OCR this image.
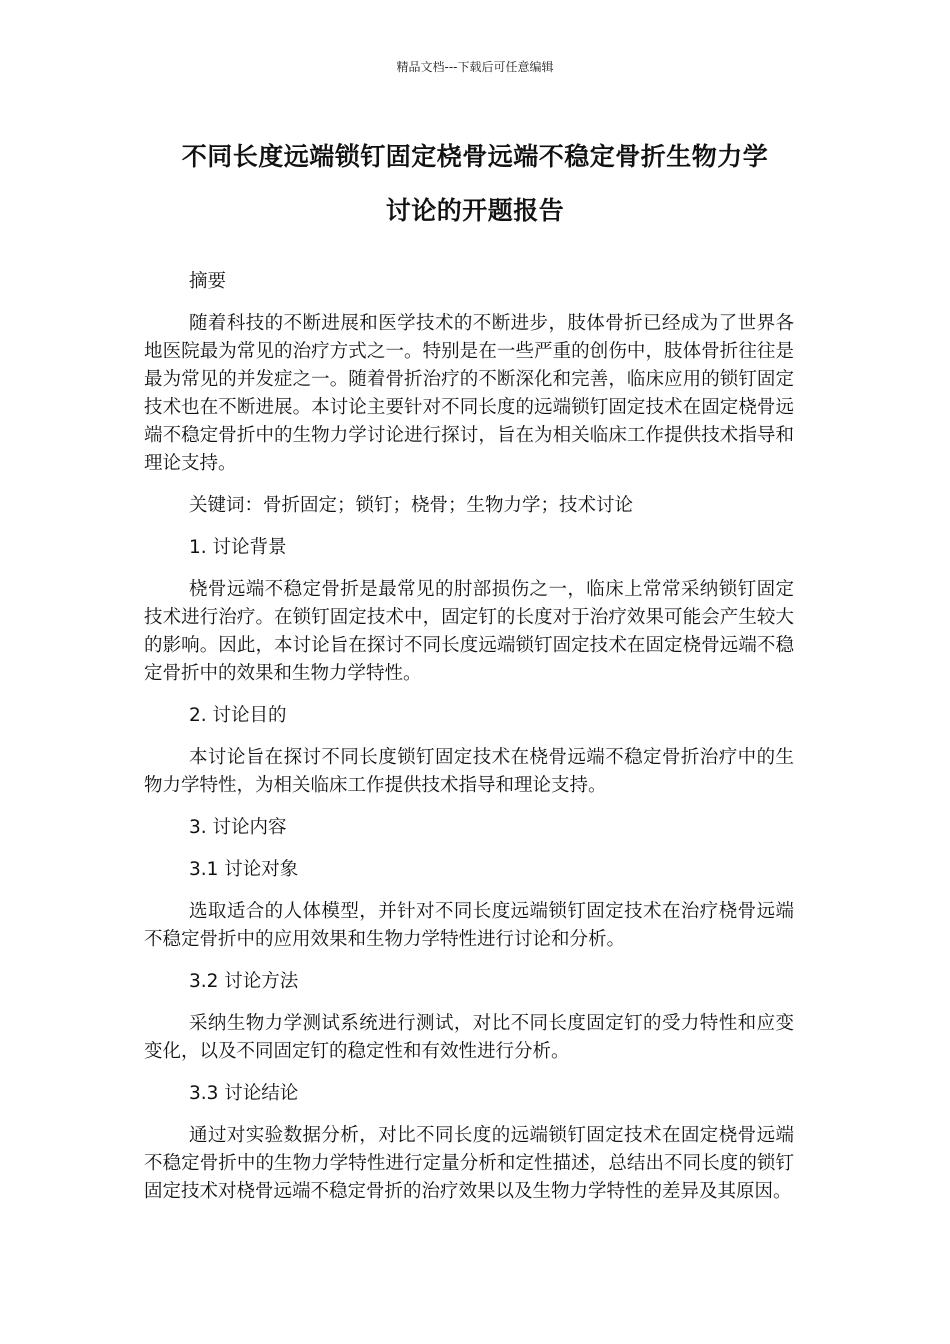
精品文档---下载后可任意编辑
不同长度远端锁钉固定桡骨远端不稳定骨折生物力学
讨论的开题报告

摘要

随着科技的不断进展和医学技术的不断进步，肢体骨折已经成为了世界各地医院最为常见的治疗方式之一。特别是在一些严重的创伤中，肢体骨折往往是最为常见的并发症之一。随着骨折治疗的不断深化和完善，临床应用的锁钉固定技术也在不断进展。本讨论主要针对不同长度的远端锁钉固定技术在固定桡骨远端不稳定骨折中的生物力学讨论进行探讨，旨在为相关临床工作提供技术指导和理论支持。

关键词：骨折固定；锁钉；桡骨；生物力学；技术讨论

1. 讨论背景

桡骨远端不稳定骨折是最常见的肘部损伤之一，临床上常常采纳锁钉固定技术进行治疗。在锁钉固定技术中，固定钉的长度对于治疗效果可能会产生较大的影响。因此，本讨论旨在探讨不同长度远端锁钉固定技术在固定桡骨远端不稳定骨折中的效果和生物力学特性。

2. 讨论目的

本讨论旨在探讨不同长度锁钉固定技术在桡骨远端不稳定骨折治疗中的生物力学特性，为相关临床工作提供技术指导和理论支持。

3. 讨论内容

3.1 讨论对象

选取适合的人体模型，并针对不同长度远端锁钉固定技术在治疗桡骨远端不稳定骨折中的应用效果和生物力学特性进行讨论和分析。

3.2 讨论方法

采纳生物力学测试系统进行测试，对比不同长度固定钉的受力特性和应变变化，以及不同固定钉的稳定性和有效性进行分析。

3.3 讨论结论

通过对实验数据分析，对比不同长度的远端锁钉固定技术在固定桡骨远端不稳定骨折中的生物力学特性进行定量分析和定性描述，总结出不同长度的锁钉固定技术对桡骨远端不稳定骨折的治疗效果以及生物力学特性的差异及其原因。
